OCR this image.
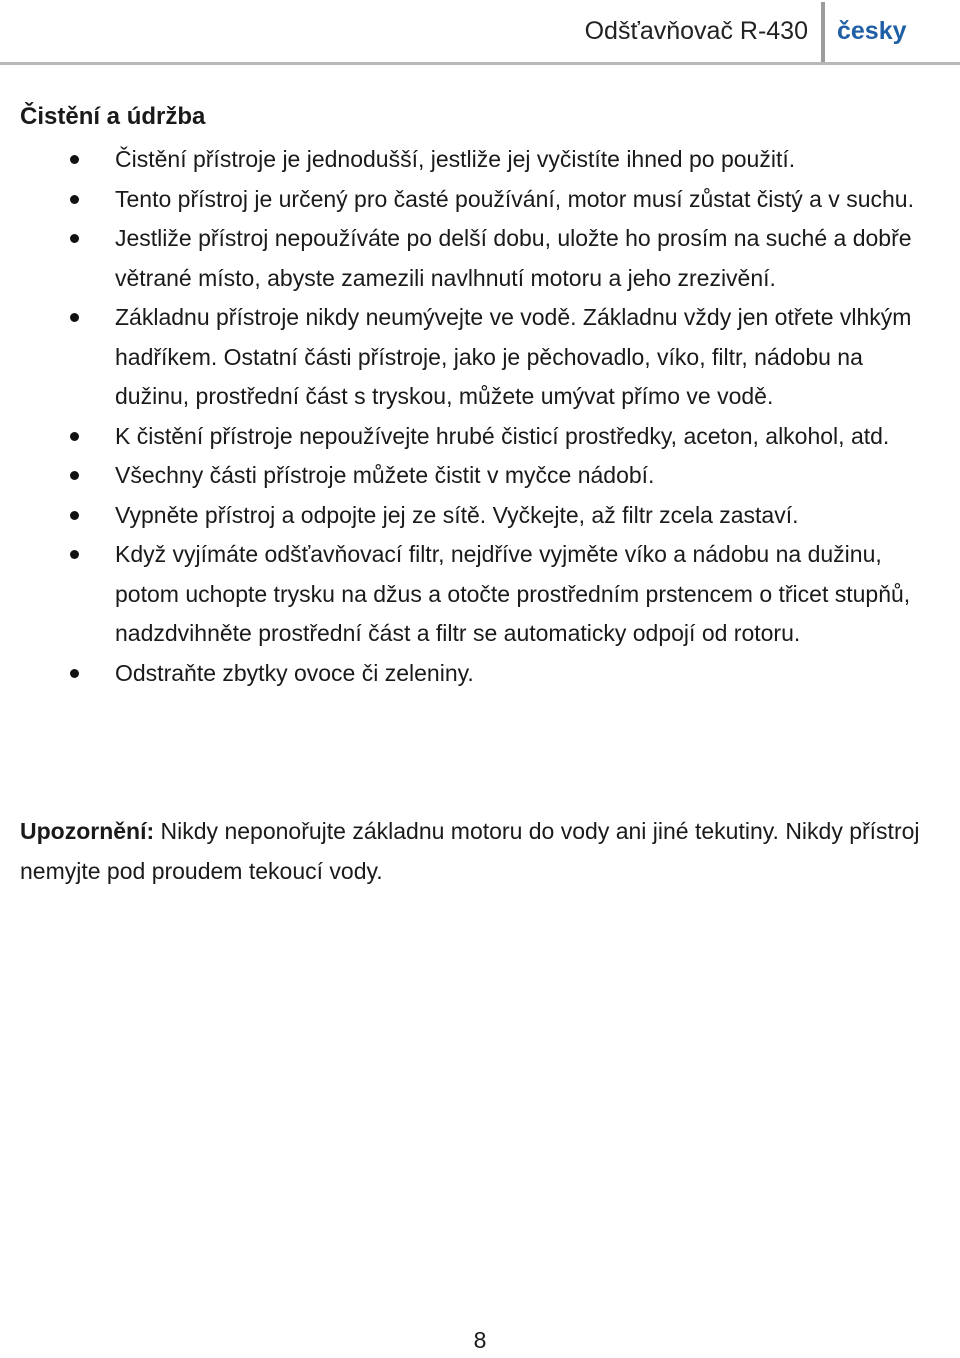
Odšťavňovač R-430 česky
Čistění a údržba
Čistění přístroje je jednodušší, jestliže jej vyčistíte ihned po použití.
Tento přístroj je určený pro časté používání, motor musí zůstat čistý a v suchu.
Jestliže přístroj nepoužíváte po delší dobu, uložte ho prosím na suché a dobře větrané místo, abyste zamezili navlhnutí motoru a jeho zrezivění.
Základnu přístroje nikdy neumývejte ve vodě. Základnu vždy jen otřete vlhkým hadříkem. Ostatní části přístroje, jako je pěchovadlo, víko, filtr, nádobu na dužinu, prostřední část s tryskou, můžete umývat přímo ve vodě.
K čistění přístroje nepoužívejte hrubé čisticí prostředky, aceton, alkohol, atd.
Všechny části přístroje můžete čistit v myčce nádobí.
Vypněte přístroj a odpojte jej ze sítě. Vyčkejte, až filtr zcela zastaví.
Když vyjímáte odšťavňovací filtr, nejdříve vyjměte víko a nádobu na dužinu, potom uchopte trysku na džus a otočte prostředním prstencem o třicet stupňů, nadzdvihněte prostřední část a filtr se automaticky odpojí od rotoru.
Odstraňte zbytky ovoce či zeleniny.

Upozornění: Nikdy neponořujte základnu motoru do vody ani jiné tekutiny. Nikdy přístroj nemyjte pod proudem tekoucí vody.

8
